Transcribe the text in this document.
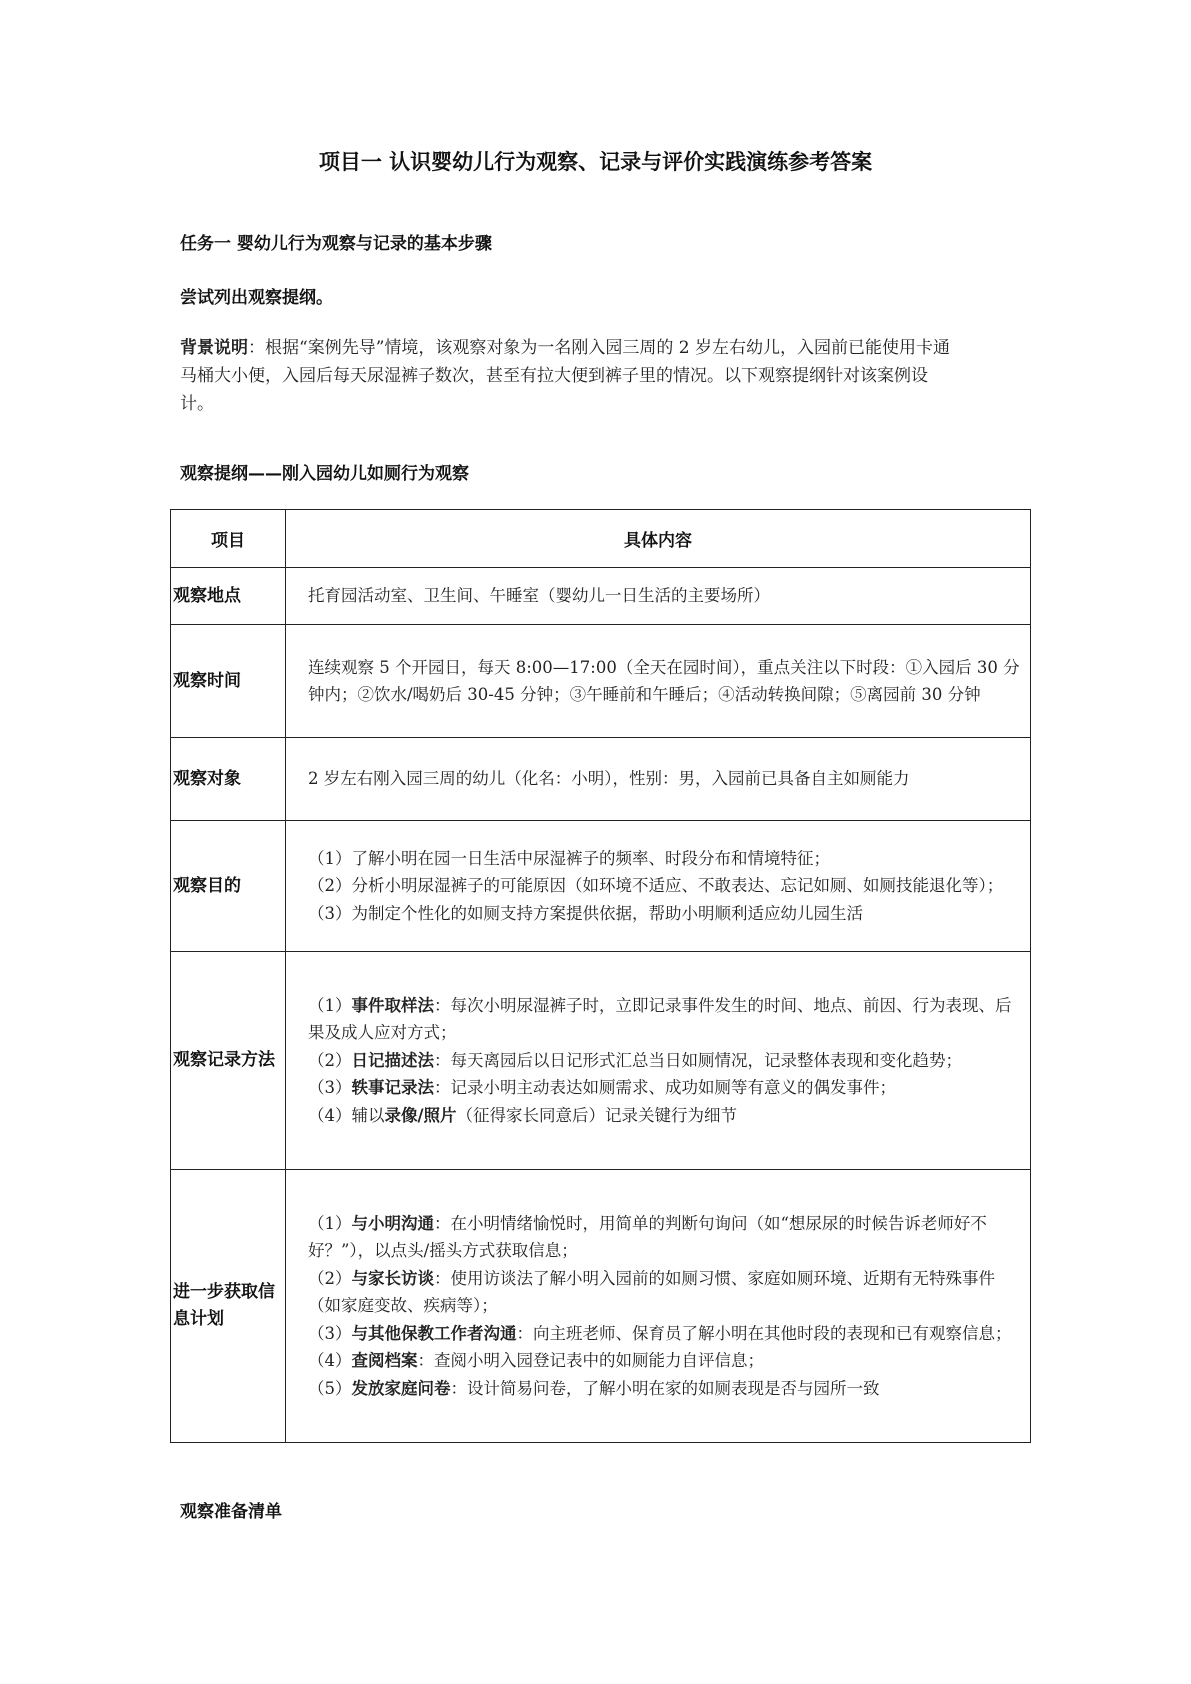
项目一 认识婴幼儿行为观察、记录与评价实践演练参考答案
任务一 婴幼儿行为观察与记录的基本步骤
尝试列出观察提纲。

背景说明：根据“案例先导”情境，该观察对象为一名刚入园三周的 2 岁左右幼儿，入园前已能使用卡通马桶大小便，入园后每天尿湿裤子数次，甚至有拉大便到裤子里的情况。以下观察提纲针对该案例设计。

观察提纲——刚入园幼儿如厕行为观察
项目	具体内容
观察地点	托育园活动室、卫生间、午睡室（婴幼儿一日生活的主要场所）

观察时间	连续观察 5 个开园日，每天 8:00—17:00（全天在园时间），重点关注以下时段：①入园后 30 分钟内；②饮水/喝奶后 30-45 分钟；③午睡前和午睡后；④活动转换间隙；⑤离园前 30 分钟

观察对象	2 岁左右刚入园三周的幼儿（化名：小明），性别：男，入园前已具备自主如厕能力

观察目的	（1）了解小明在园一日生活中尿湿裤子的频率、时段分布和情境特征；
（2）分析小明尿湿裤子的可能原因（如环境不适应、不敢表达、忘记如厕、如厕技能退化等）；
（3）为制定个性化的如厕支持方案提供依据，帮助小明顺利适应幼儿园生活

观察记录方法	（1）事件取样法：每次小明尿湿裤子时，立即记录事件发生的时间、地点、前因、行为表现、后果及成人应对方式；
（2）日记描述法：每天离园后以日记形式汇总当日如厕情况，记录整体表现和变化趋势；
（3）轶事记录法：记录小明主动表达如厕需求、成功如厕等有意义的偶发事件；
（4）辅以录像/照片（征得家长同意后）记录关键行为细节

进一步获取信息计划	（1）与小明沟通：在小明情绪愉悦时，用简单的判断句询问（如“想尿尿的时候告诉老师好不好？”），以点头/摇头方式获取信息；
（2）与家长访谈：使用访谈法了解小明入园前的如厕习惯、家庭如厕环境、近期有无特殊事件（如家庭变故、疾病等）；
（3）与其他保教工作者沟通：向主班老师、保育员了解小明在其他时段的表现和已有观察信息；
（4）查阅档案：查阅小明入园登记表中的如厕能力自评信息；
（5）发放家庭问卷：设计简易问卷，了解小明在家的如厕表现是否与园所一致
观察准备清单
